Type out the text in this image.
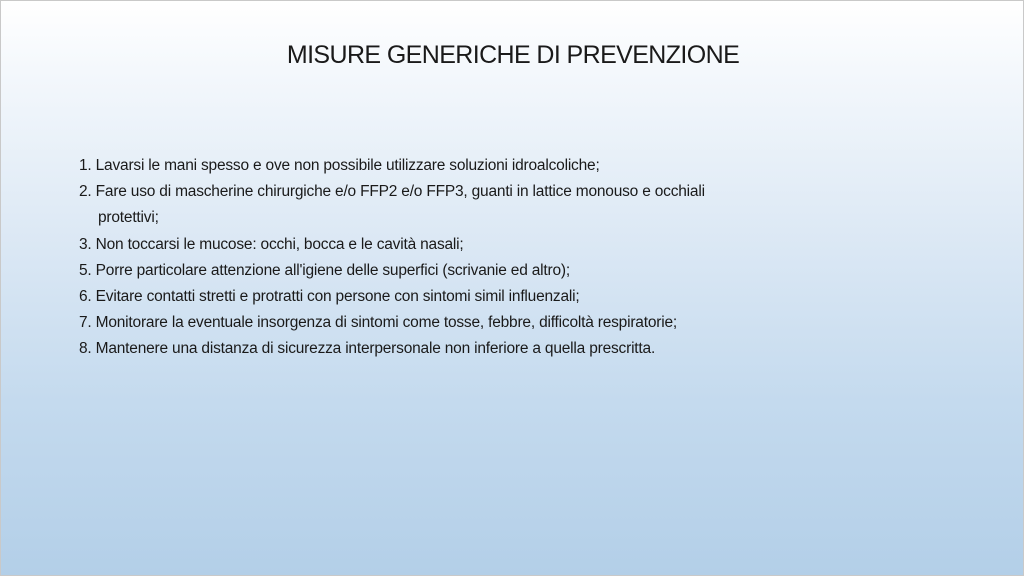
MISURE GENERICHE DI PREVENZIONE
1. Lavarsi le mani spesso e ove non possibile utilizzare soluzioni idroalcoliche;
2. Fare uso di mascherine chirurgiche e/o FFP2 e/o FFP3, guanti in lattice monouso e occhiali
protettivi;
3. Non toccarsi le mucose: occhi, bocca e le cavità nasali;
5. Porre particolare attenzione all'igiene delle superfici (scrivanie ed altro);
6. Evitare contatti stretti e protratti con persone con sintomi simil influenzali;
7. Monitorare la eventuale insorgenza di sintomi come tosse, febbre, difficoltà respiratorie;
8. Mantenere una distanza di sicurezza interpersonale non inferiore a quella prescritta.
